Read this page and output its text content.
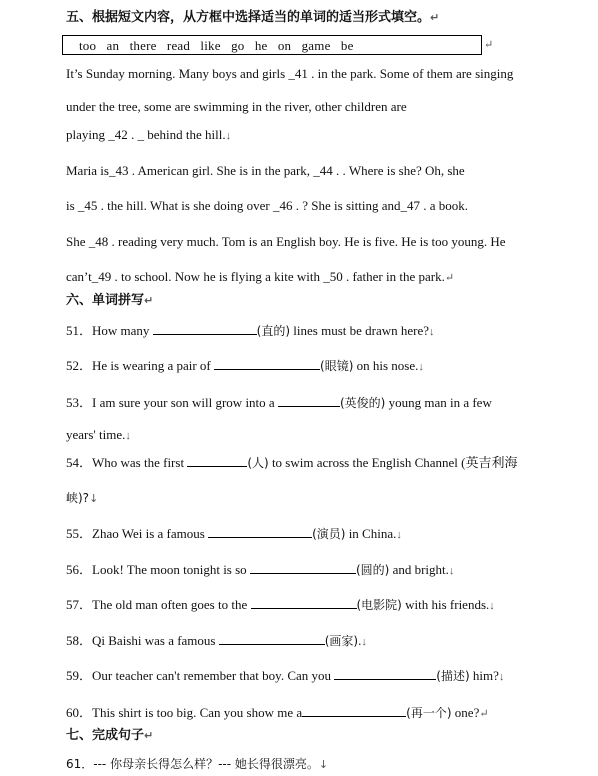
五、根据短文内容，从方框中选择适当的单词的适当形式填空。↵
too   an   there   read   like   go   he   on   game   be	↵
It’s Sunday morning. Many boys and girls _41 . in the park. Some of them are singing
under the tree, some are swimming in the river, other children are
playing _42 . _ behind the hill.↓
Maria is_43 . American girl. She is in the park, _44 . . Where is she? Oh, she
is _45 . the hill. What is she doing over _46 . ? She is sitting and_47 . a book.
She _48 . reading very much. Tom is an English boy. He is five. He is too young. He
can’t_49 . to school. Now he is flying a kite with _50 . father in the park.↵
六、单词拼写↵
51．How many	(直的) lines must be drawn here?↓
52．He is wearing a pair of	(眼镜) on his nose.↓
53．I am sure your son will grow into a	(英俊的) young man in a few
years' time.↓
54．Who was the first	(人) to swim across the English Channel (英吉利海
峡)?↓
55．Zhao Wei is a famous	(演员) in China.↓
56．Look! The moon tonight is so	(圆的) and bright.↓
57．The old man often goes to the	(电影院) with his friends.↓
58．Qi Baishi was a famous	(画家).↓
59．Our teacher can't remember that boy. Can you	(描述) him?↓
60．This shirt is too big. Can you show me a	(再一个) one?↵
七、完成句子↵
61．--- 你母亲长得怎么样？--- 她长得很漂亮。↓
